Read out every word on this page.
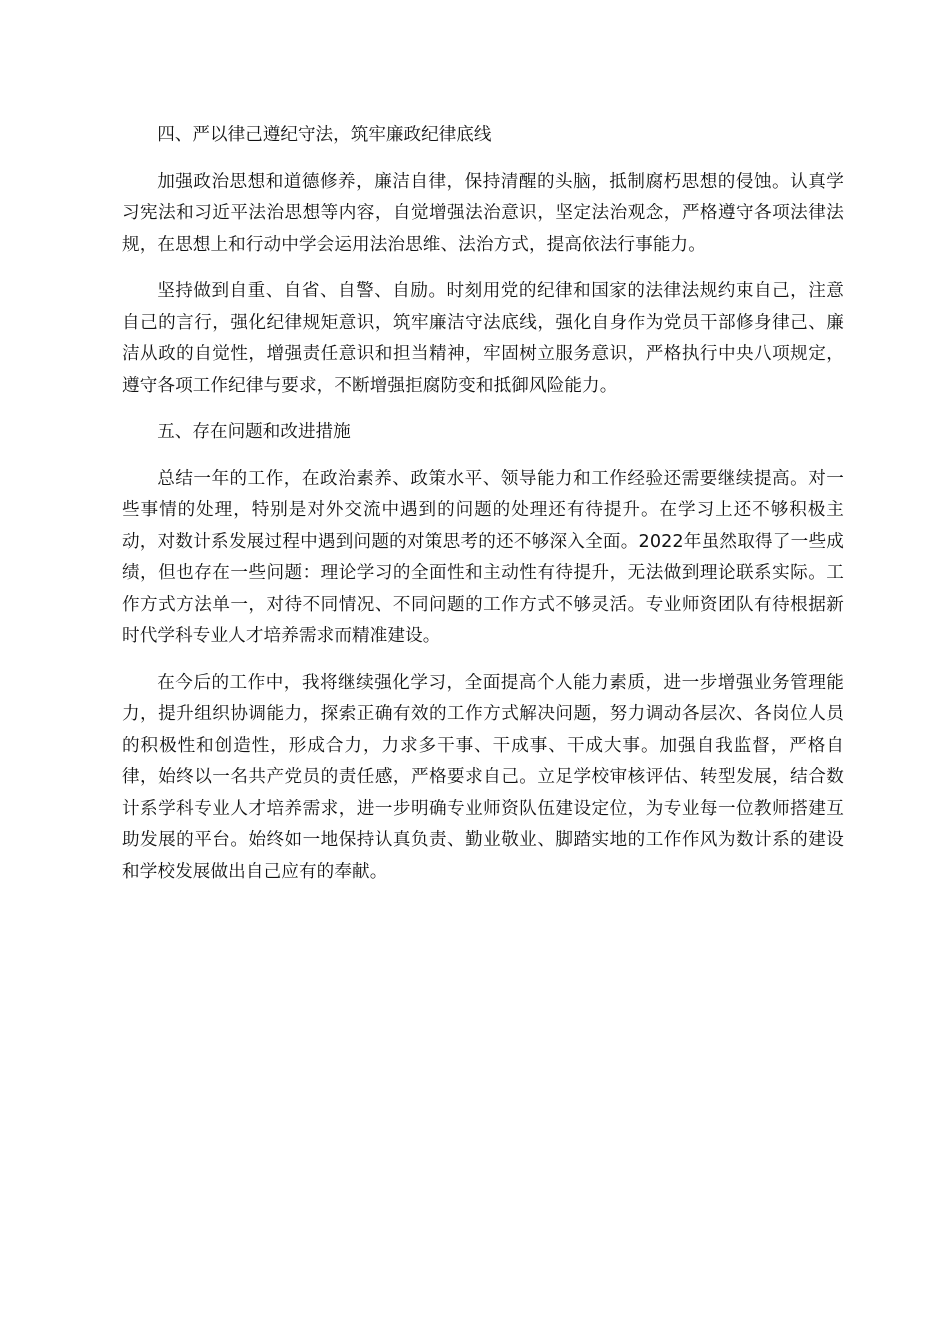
四、严以律己遵纪守法，筑牢廉政纪律底线

加强政治思想和道德修养，廉洁自律，保持清醒的头脑，抵制腐朽思想的侵蚀。认真学习宪法和习近平法治思想等内容，自觉增强法治意识，坚定法治观念，严格遵守各项法律法规，在思想上和行动中学会运用法治思维、法治方式，提高依法行事能力。

坚持做到自重、自省、自警、自励。时刻用党的纪律和国家的法律法规约束自己，注意自己的言行，强化纪律规矩意识，筑牢廉洁守法底线，强化自身作为党员干部修身律己、廉洁从政的自觉性，增强责任意识和担当精神，牢固树立服务意识，严格执行中央八项规定，遵守各项工作纪律与要求，不断增强拒腐防变和抵御风险能力。

五、存在问题和改进措施

总结一年的工作，在政治素养、政策水平、领导能力和工作经验还需要继续提高。对一些事情的处理，特别是对外交流中遇到的问题的处理还有待提升。在学习上还不够积极主动，对数计系发展过程中遇到问题的对策思考的还不够深入全面。2022年虽然取得了一些成绩，但也存在一些问题：理论学习的全面性和主动性有待提升，无法做到理论联系实际。工作方式方法单一，对待不同情况、不同问题的工作方式不够灵活。专业师资团队有待根据新时代学科专业人才培养需求而精准建设。

在今后的工作中，我将继续强化学习，全面提高个人能力素质，进一步增强业务管理能力，提升组织协调能力，探索正确有效的工作方式解决问题，努力调动各层次、各岗位人员的积极性和创造性，形成合力，力求多干事、干成事、干成大事。加强自我监督，严格自律，始终以一名共产党员的责任感，严格要求自己。立足学校审核评估、转型发展，结合数计系学科专业人才培养需求，进一步明确专业师资队伍建设定位，为专业每一位教师搭建互助发展的平台。始终如一地保持认真负责、勤业敬业、脚踏实地的工作作风为数计系的建设和学校发展做出自己应有的奉献。
